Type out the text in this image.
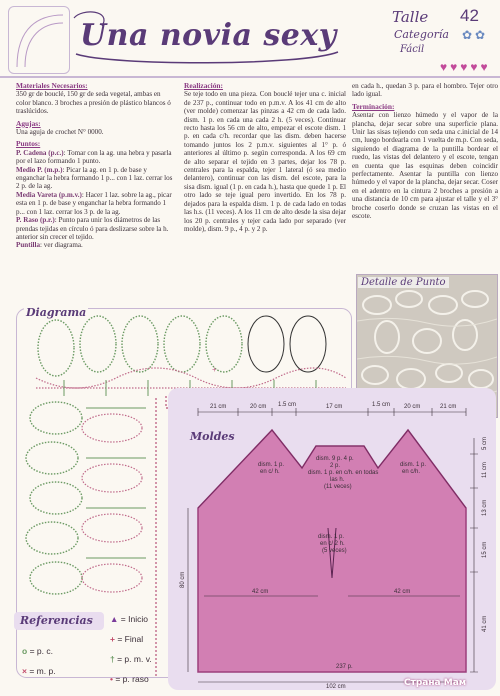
Una novia sexy
Talle 42
Categoría ✿ ✿
Fácil
♥ ♥ ♥ ♥ ♥
Materiales Necesarios:
350 gr de bouclé, 150 gr de seda vegetal, ambas en color blanco. 3 broches a presión de plástico blancos ó traslúcidos.
Agujas:
Una aguja de crochet N° 0000.
Puntos:
P. Cadena (p.c.): Tomar con la ag. una hebra y pasarla por el lazo formando 1 punto.
Medio P. (m.p.): Picar la ag. en 1 p. de base y enganchar la hebra formando 1 p... con 1 laz. cerrar los 2 p. de la ag.
Media Vareta (p.m.v.): Hacer 1 laz. sobre la ag., picar esta en 1 p. de base y enganchar la hebra formando 1 p... con 1 laz. cerrar los 3 p. de la ag.
P. Raso (p.r.): Punto para unir los diámetros de las prendas tejidas en círculo ó para deslizarse sobre la h. anterior sin crecer el tejido.
Puntilla: ver diagrama.
Realización:
Se teje todo en una pieza. Con bouclé tejer una c. inicial de 237 p., continuar todo en p.m.v. A los 41 cm de alto (ver molde) comenzar las pinzas a 42 cm de cada lado. dism. 1 p. en cada una cada 2 h. (5 veces). Continuar recto hasta los 56 cm de alto, empezar el escote dism. 1 p. en cada c/h. recordar que las dism. deben hacerse tomando juntos los 2 p.m.v. siguientes al 1° p. ó anteriores al último p. según corresponda. A los 69 cm de alto separar el tejido en 3 partes, dejar los 78 p. centrales para la espalda, tejer 1 lateral (ó sea medio delantero), continuar con las dism. del escote, para la sisa dism. igual (1 p. en cada h.), hasta que quede 1 p. El otro lado se teje igual pero invertido. En los 78 p. dejados para la espalda dism. 1 p. de cada lado en todas las h.s. (11 veces). A los 11 cm de alto desde la sisa dejar los 20 p. centrales y tejer cada lado por separado (ver molde), dism. 9 p., 4 p. y 2 p.
en cada h., quedan 3 p. para el hombro. Tejer otro lado igual.
Terminación:
Asentar con lienzo húmedo y el vapor de la plancha, dejar secar sobre una superficie plana. Unir las sisas tejiendo con seda una c.inicial de 14 cm, luego bordearla con 1 vuelta de m.p. Con seda, siguiendo el diagrama de la puntilla bordear el ruedo, las vistas del delantero y el escote, tengan en cuenta que las esquinas deben coincidir perfectamente. Asentar la puntilla con lienzo húmedo y el vapor de la plancha, dejar secar. Coser en el adentro en la cintura 2 broches a presión a una distancia de 10 cm para ajustar el talle y el 3° broche coserlo donde se cruzan las vistas en el escote.
Detalle de Punto
+
Diagrama
21 cm	20 cm 1.5 cm	17 cm	1.5 cm 20 cm	21 cm
dism. 1 p.
en c/ h.
dism. 9 p. 4 p.
2 p.
dism. 1 p. en c/h. en todas
las h.
(11 veces)
dism. 1 p.
en c/h.
dism. 1 p.
en c/ 2 h.
(5 veces)
42 cm	42 cm
80 cm
5 cm
11 cm
13 cm
15 cm
41 cm
237 p.
102 cm
Moldes
Referencias
o = p. c.
× = m. p.
▲ = Inicio
+ = Final
† = p. m. v.
• = p. raso	Страна Мам
